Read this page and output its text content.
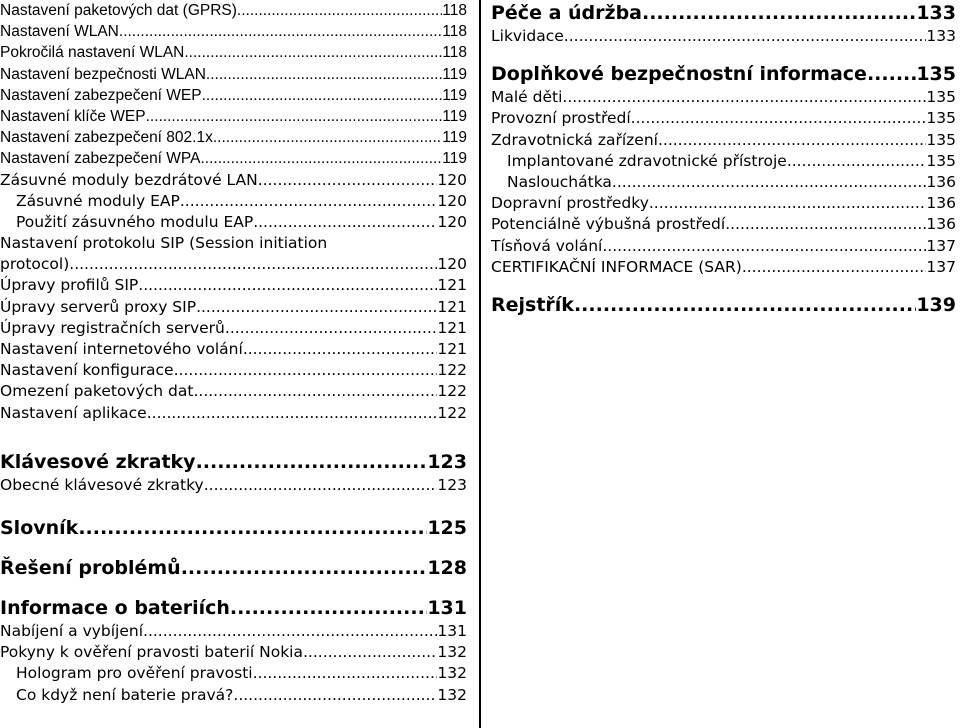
Nastavení paketových dat (GPRS) .....	118
Nastavení WLAN .....	118
Pokročilá nastavení WLAN .....	118
Nastavení bezpečnosti WLAN .....	119
Nastavení zabezpečení WEP .....	119
Nastavení klíče WEP .....	119
Nastavení zabezpečení 802.1x .....	119
Nastavení zabezpečení WPA .....	119
Zásuvné moduly bezdrátové LAN .....	120
Zásuvné moduly EAP .....	120
Použití zásuvného modulu EAP .....	120
Nastavení protokolu SIP (Session initiation
protocol) .....	120
Úpravy profilů SIP .....	121
Úpravy serverů proxy SIP .....	121
Úpravy registračních serverů .....	121
Nastavení internetového volání .....	121
Nastavení konfigurace .....	122
Omezení paketových dat .....	122
Nastavení aplikace .....	122
Klávesové zkratky .....	123
Obecné klávesové zkratky .....	123
Slovník .....	125
Řešení problémů .....	128
Informace o bateriích .....	131
Nabíjení a vybíjení .....	131
Pokyny k ověření pravosti baterií Nokia .....	132
Hologram pro ověření pravosti .....	132
Co když není baterie pravá? .....	132
Péče a údržba .....	133
Likvidace .....	133
Doplňkové bezpečnostní informace .....	135
Malé děti .....	135
Provozní prostředí .....	135
Zdravotnická zařízení .....	135
Implantované zdravotnické přístroje .....	135
Naslouchátka .....	136
Dopravní prostředky .....	136
Potenciálně výbušná prostředí .....	136
Tísňová volání .....	137
CERTIFIKAČNÍ INFORMACE (SAR) .....	137
Rejstřík .....	139
